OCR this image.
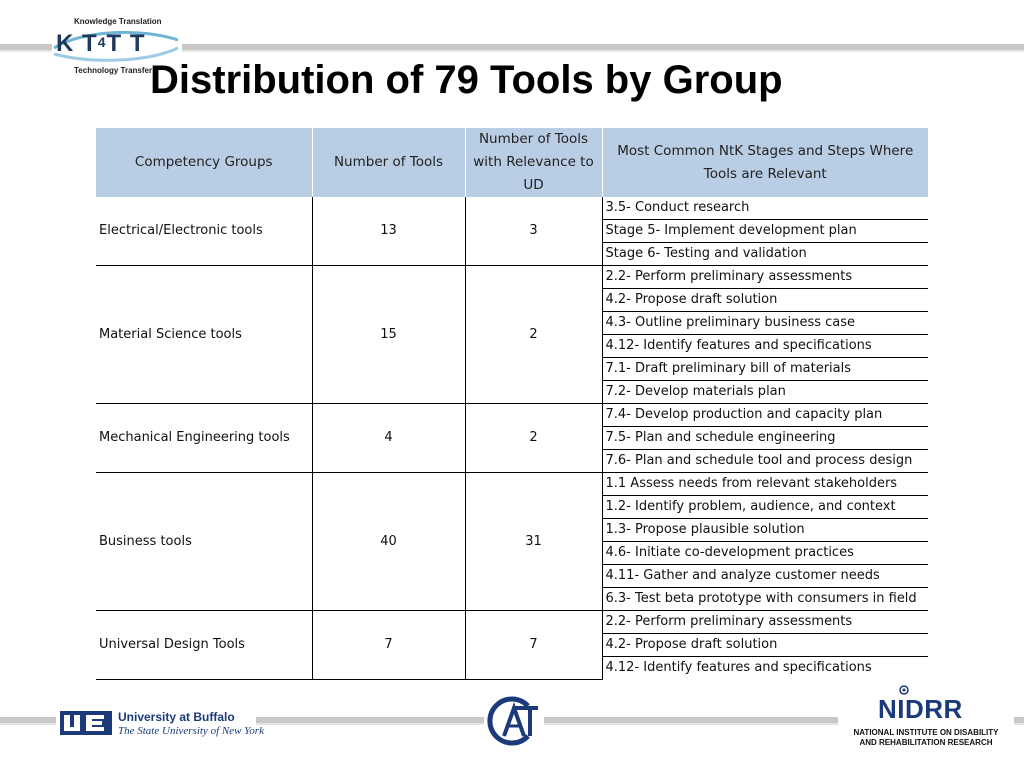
Knowledge Translation
K T4T T
Technology Transfer
Distribution of 79 Tools by Group
Competency Groups	Number of Tools	Number of Tools with Relevance to UD	Most Common NtK Stages and Steps Where Tools are Relevant
Electrical/Electronic tools	13	3	3.5- Conduct research
			Stage 5- Implement development plan
			Stage 6- Testing and validation
Material Science tools	15	2	2.2- Perform preliminary assessments
			4.2- Propose draft solution
			4.3- Outline preliminary business case
			4.12- Identify features and specifications
			7.1- Draft preliminary bill of materials
			7.2- Develop materials plan
Mechanical Engineering tools	4	2	7.4- Develop production and capacity plan
			7.5- Plan and schedule engineering
			7.6- Plan and schedule tool and process design
Business tools	40	31	1.1 Assess needs from relevant stakeholders
			1.2- Identify problem, audience, and context
			1.3- Propose plausible solution
			4.6- Initiate co-development practices
			4.11- Gather and analyze customer needs
			6.3- Test beta prototype with consumers in field
Universal Design Tools	7	7	2.2- Perform preliminary assessments
			4.2- Propose draft solution
			4.12- Identify features and specifications
University at Buffalo
The State University of New York
NIDRR
NATIONAL INSTITUTE ON DISABILITY
AND REHABILITATION RESEARCH
